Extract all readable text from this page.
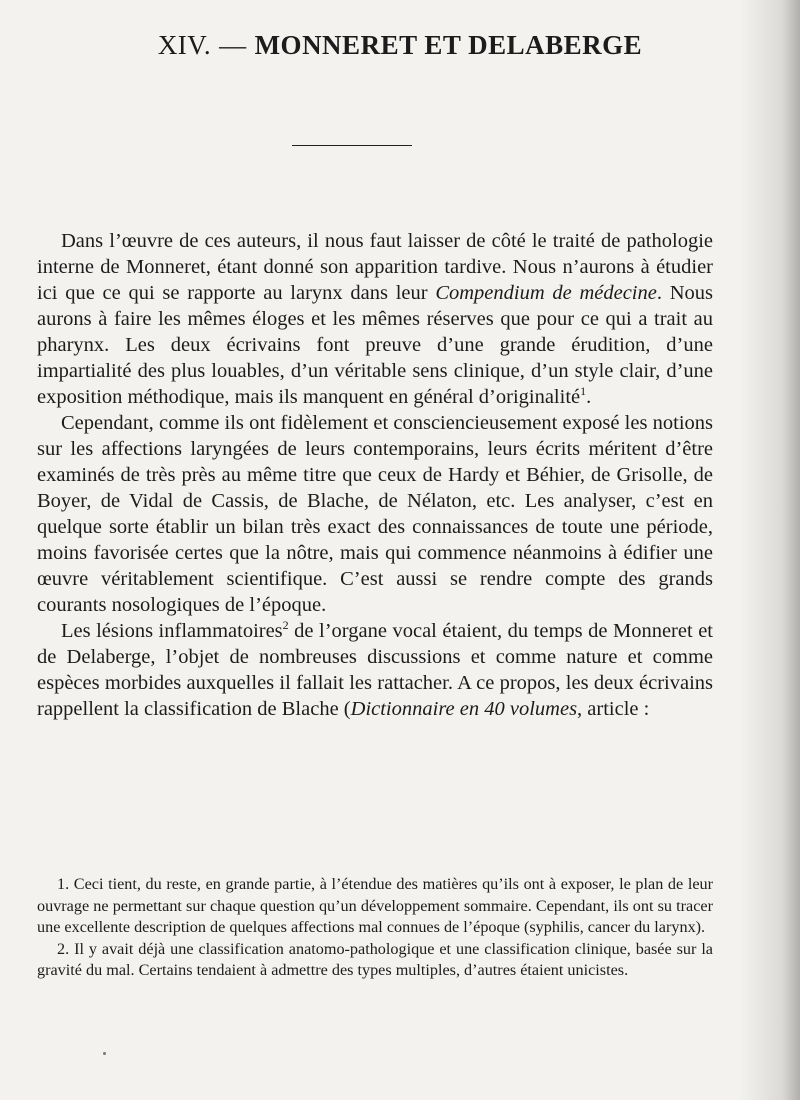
XIV. — MONNERET ET DELABERGE

Dans l’œuvre de ces auteurs, il nous faut laisser de côté le traité de pathologie interne de Monneret, étant donné son apparition tardive. Nous n’aurons à étudier ici que ce qui se rapporte au larynx dans leur Compendium de médecine. Nous aurons à faire les mêmes éloges et les mêmes réserves que pour ce qui a trait au pharynx. Les deux écrivains font preuve d’une grande érudition, d’une impartialité des plus louables, d’un véritable sens clinique, d’un style clair, d’une exposition méthodique, mais ils manquent en général d’originalité$^1$.

Cependant, comme ils ont fidèlement et consciencieusement exposé les notions sur les affections laryngées de leurs contemporains, leurs écrits méritent d’être examinés de très près au même titre que ceux de Hardy et Béhier, de Grisolle, de Boyer, de Vidal de Cassis, de Blache, de Nélaton, etc. Les analyser, c’est en quelque sorte établir un bilan très exact des connaissances de toute une période, moins favorisée certes que la nôtre, mais qui commence néanmoins à édifier une œuvre véritablement scientifique. C’est aussi se rendre compte des grands courants nosologiques de l’époque.

Les lésions inflammatoires$^2$ de l’organe vocal étaient, du temps de Monneret et de Delaberge, l’objet de nombreuses discussions et comme nature et comme espèces morbides auxquelles il fallait les rattacher. A ce propos, les deux écrivains rappellent la classification de Blache (Dictionnaire en 40 volumes, article :

1. Ceci tient, du reste, en grande partie, à l’étendue des matières qu’ils ont à exposer, le plan de leur ouvrage ne permettant sur chaque question qu’un développement sommaire. Cependant, ils ont su tracer une excellente description de quelques affections mal connues de l’époque (syphilis, cancer du larynx).

2. Il y avait déjà une classification anatomo-pathologique et une classification clinique, basée sur la gravité du mal. Certains tendaient à admettre des types multiples, d’autres étaient unicistes.
